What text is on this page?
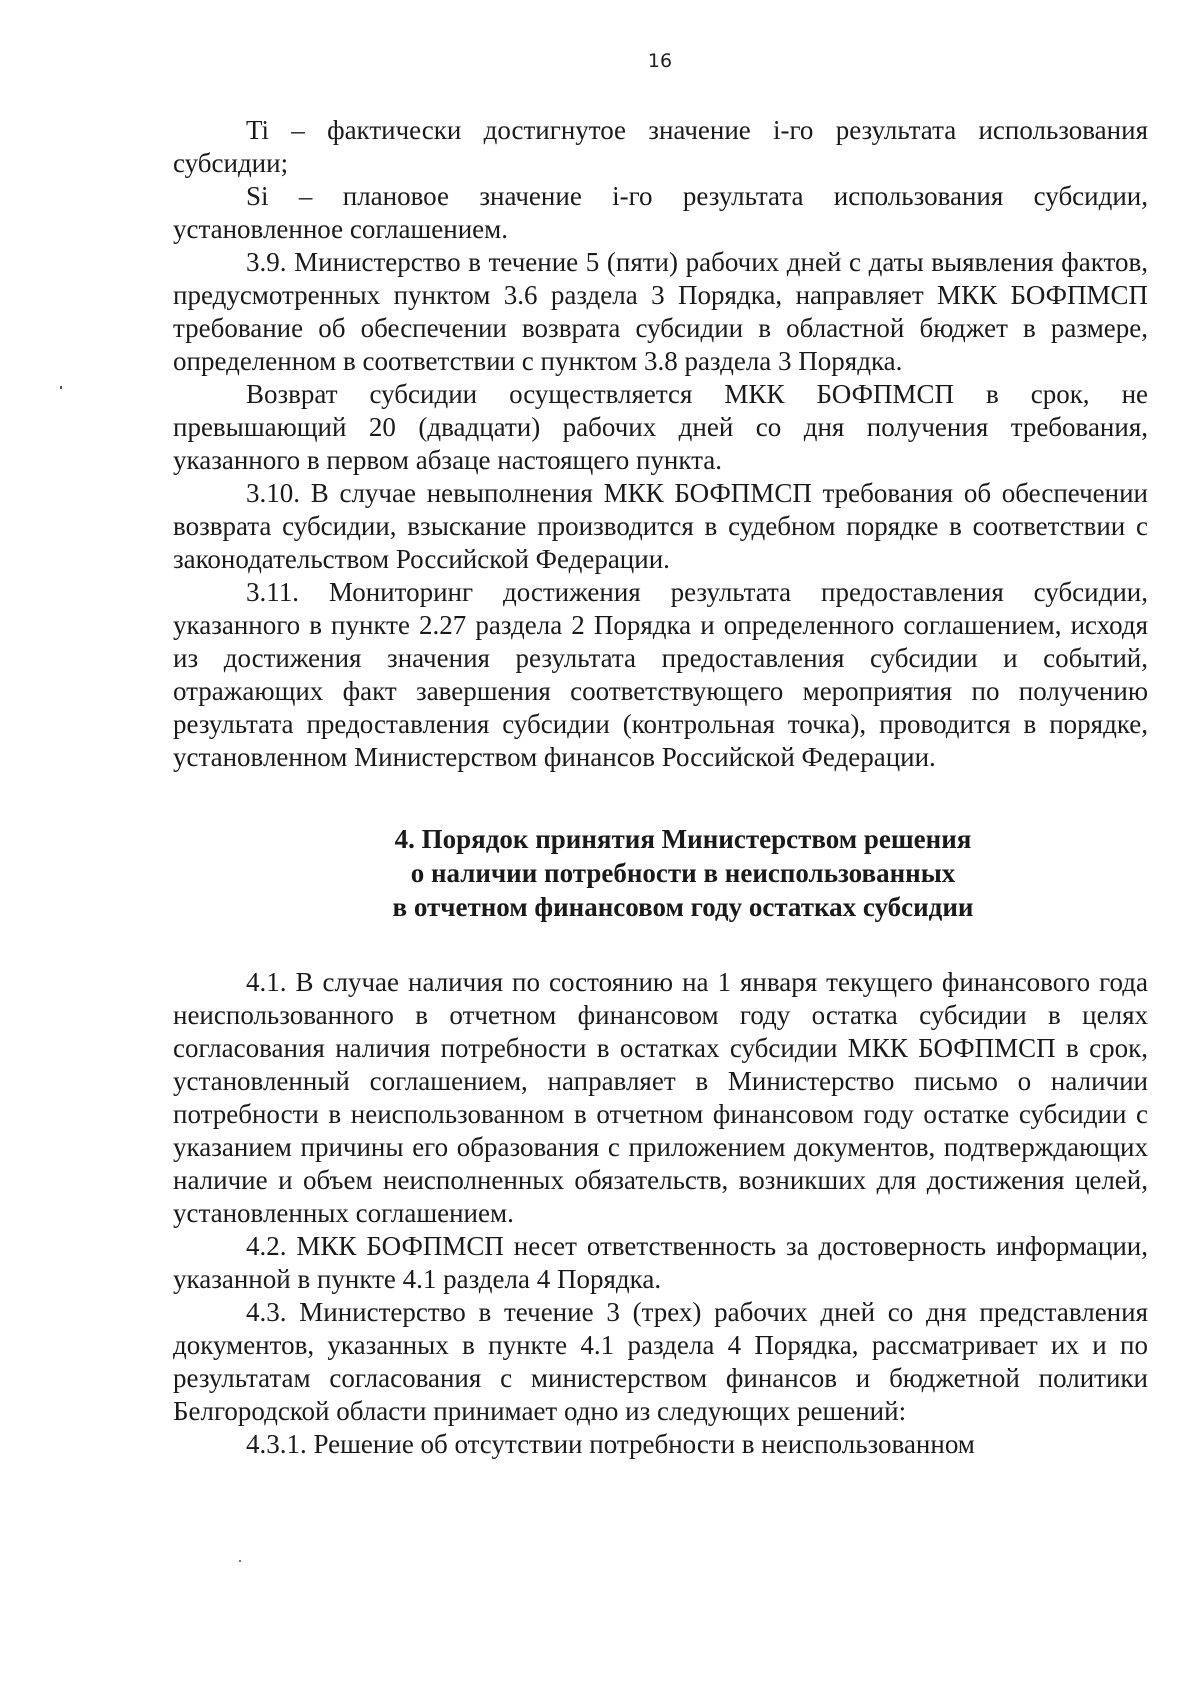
16

Ti – фактически достигнутое значение i-го результата использования субсидии;

Si – плановое значение i-го результата использования субсидии, установленное соглашением.

3.9. Министерство в течение 5 (пяти) рабочих дней с даты выявления фактов, предусмотренных пунктом 3.6 раздела 3 Порядка, направляет МКК БОФПМСП требование об обеспечении возврата субсидии в областной бюджет в размере, определенном в соответствии с пунктом 3.8 раздела 3 Порядка.

Возврат субсидии осуществляется МКК БОФПМСП в срок, не превышающий 20 (двадцати) рабочих дней со дня получения требования, указанного в первом абзаце настоящего пункта.

3.10. В случае невыполнения МКК БОФПМСП требования об обеспечении возврата субсидии, взыскание производится в судебном порядке в соответствии с законодательством Российской Федерации.

3.11. Мониторинг достижения результата предоставления субсидии, указанного в пункте 2.27 раздела 2 Порядка и определенного соглашением, исходя из достижения значения результата предоставления субсидии и событий, отражающих факт завершения соответствующего мероприятия по получению результата предоставления субсидии (контрольная точка), проводится в порядке, установленном Министерством финансов Российской Федерации.

4. Порядок принятия Министерством решения
о наличии потребности в неиспользованных
в отчетном финансовом году остатках субсидии

4.1. В случае наличия по состоянию на 1 января текущего финансового года неиспользованного в отчетном финансовом году остатка субсидии в целях согласования наличия потребности в остатках субсидии МКК БОФПМСП в срок, установленный соглашением, направляет в Министерство письмо о наличии потребности в неиспользованном в отчетном финансовом году остатке субсидии с указанием причины его образования с приложением документов, подтверждающих наличие и объем неисполненных обязательств, возникших для достижения целей, установленных соглашением.

4.2. МКК БОФПМСП несет ответственность за достоверность информации, указанной в пункте 4.1 раздела 4 Порядка.

4.3. Министерство в течение 3 (трех) рабочих дней со дня представления документов, указанных в пункте 4.1 раздела 4 Порядка, рассматривает их и по результатам согласования с министерством финансов и бюджетной политики Белгородской области принимает одно из следующих решений:

4.3.1. Решение об отсутствии потребности в неиспользованном
